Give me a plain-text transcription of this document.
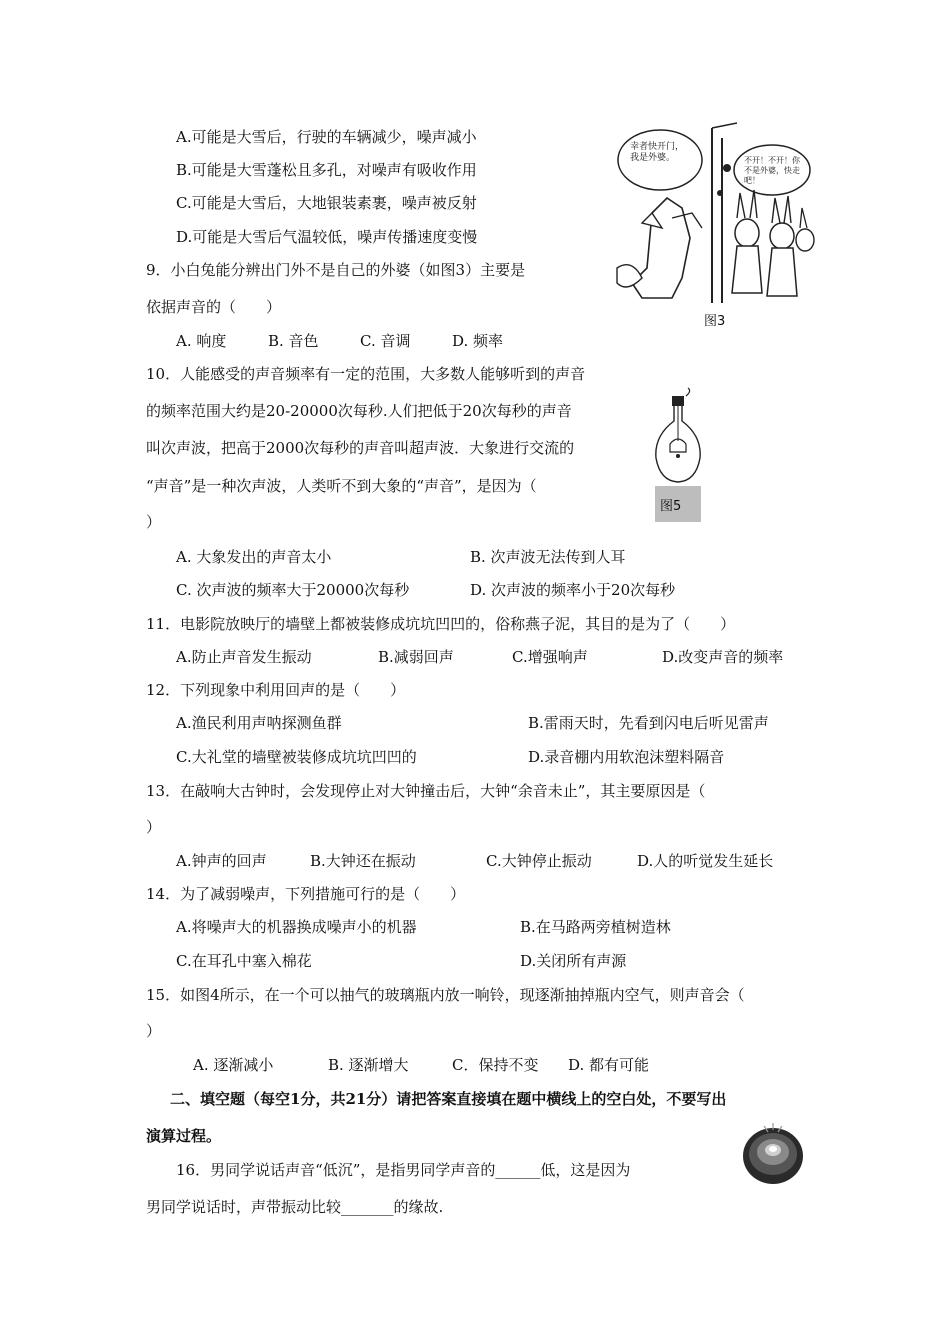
A.可能是大雪后，行驶的车辆减少，噪声减小
B.可能是大雪蓬松且多孔，对噪声有吸收作用
C.可能是大雪后，大地银装素裹，噪声被反射
D.可能是大雪后气温较低，噪声传播速度变慢
9．小白兔能分辨出门外不是自己的外婆（如图3）主要是
依据声音的（　　）
A. 响度	B. 音色	C. 音调	D. 频率
幸者快开门，我是外婆。	不开！不开！你不是外婆，快走吧！
图3
10．人能感受的声音频率有一定的范围，大多数人能够听到的声音
的频率范围大约是20-20000次每秒.人们把低于20次每秒的声音
叫次声波，把高于2000次每秒的声音叫超声波．大象进行交流的
“声音”是一种次声波，人类听不到大象的“声音”，是因为（
）
A. 大象发出的声音太小	B. 次声波无法传到人耳
C. 次声波的频率大于20000次每秒	D. 次声波的频率小于20次每秒
图5
11．电影院放映厅的墙壁上都被装修成坑坑凹凹的，俗称燕子泥，其目的是为了（　　）
A.防止声音发生振动	B.减弱回声	C.增强响声	D.改变声音的频率
12．下列现象中利用回声的是（　　）
A.渔民利用声呐探测鱼群	B.雷雨天时，先看到闪电后听见雷声
C.大礼堂的墙壁被装修成坑坑凹凹的	D.录音棚内用软泡沫塑料隔音
13．在敲响大古钟时，会发现停止对大钟撞击后，大钟“余音未止”，其主要原因是（
）
A.钟声的回声	B.大钟还在振动	C.大钟停止振动	D.人的听觉发生延长
14．为了减弱噪声，下列措施可行的是（　　）
A.将噪声大的机器换成噪声小的机器	B.在马路两旁植树造林
C.在耳孔中塞入棉花	D.关闭所有声源
15．如图4所示，在一个可以抽气的玻璃瓶内放一响铃，现逐渐抽掉瓶内空气，则声音会（
）
A. 逐渐减小	B. 逐渐增大	C．保持不变 D. 都有可能
二、填空题（每空1分，共21分）请把答案直接填在题中横线上的空白处，不要写出
演算过程。
16．男同学说话声音“低沉”，是指男同学声音的______低，这是因为
男同学说话时，声带振动比较_______的缘故.
